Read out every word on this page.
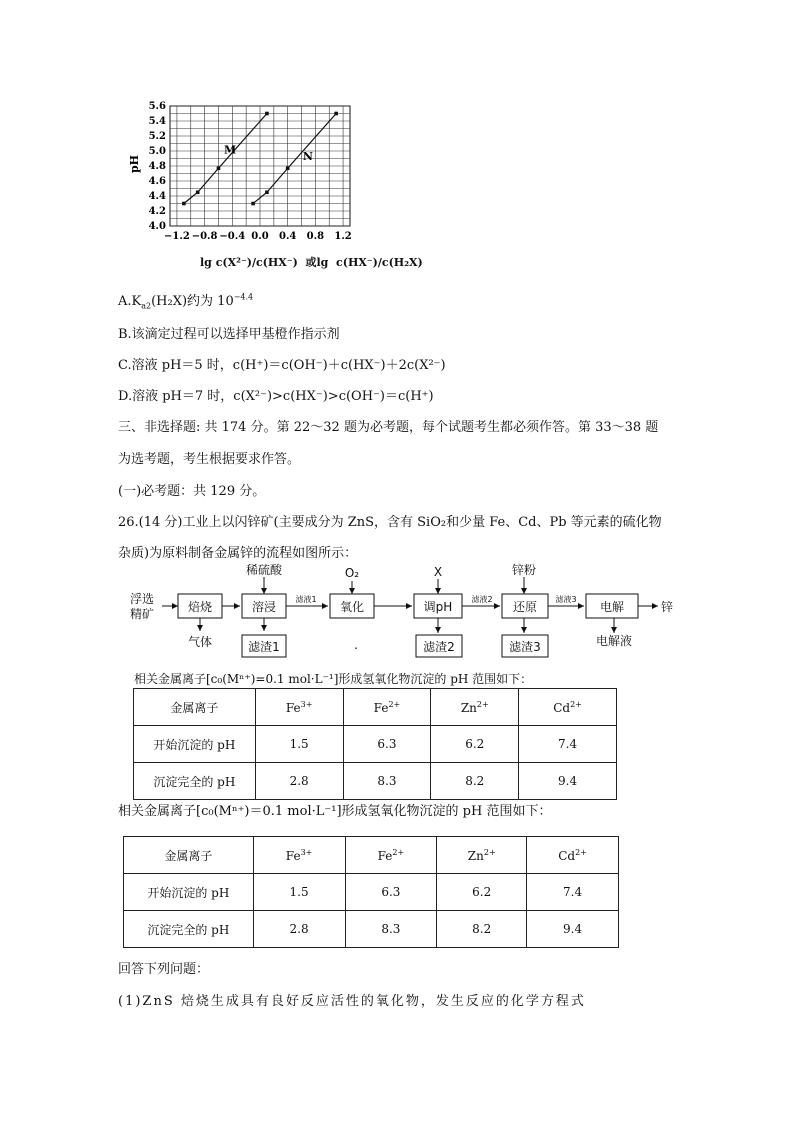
−1.2 −0.8 −0.4 0.0 0.4 0.8 1.2
4.0
4.2
4.4
4.6
4.8
5.0
5.2
5.4
5.6
M
N
pH
lg c(X²⁻)/c(HX⁻) 或lg c(HX⁻)/c(H₂X)
$A.K_{a2}(H_2X)$约为 $10^{-4.4}$
B.该滴定过程可以选择甲基橙作指示剂
C.溶液 pH＝5 时，c(H⁺)＝c(OH⁻)＋c(HX⁻)＋2c(X²⁻)
D.溶液 pH＝7 时，c(X²⁻)>c(HX⁻)>c(OH⁻)＝c(H⁺)
三、非选择题: 共 174 分。第 22～32 题为必考题，每个试题考生都必须作答。第 33～38 题
为选考题，考生根据要求作答。
(一)必考题：共 129 分。
26.(14 分)工业上以闪锌矿(主要成分为 ZnS，含有 SiO₂和少量 Fe、Cd、Pb 等元素的硫化物
杂质)为原料制备金属锌的流程如图所示：
浮选
精矿	焙烧	溶浸	氧化	调pH	还原	电解	锌
稀硫酸	O₂	X	锌粉
滤液1	滤液2	滤液3
气体	滤渣1	滤渣2	滤渣3	电解液
.
相关金属离子[c₀(Mⁿ⁺)=0.1 mol·L⁻¹]形成氢氧化物沉淀的 pH 范围如下：
金属离子	$Fe^{3+}$	$Fe^{2+}$	$Zn^{2+}$	$Cd^{2+}$
开始沉淀的 pH	1.5	6.3	6.2	7.4
沉淀完全的 pH	2.8	8.3	8.2	9.4
相关金属离子[c₀(Mⁿ⁺)＝0.1 mol·L⁻¹]形成氢氧化物沉淀的 pH 范围如下：
金属离子	$Fe^{3+}$	$Fe^{2+}$	$Zn^{2+}$	$Cd^{2+}$
开始沉淀的 pH	1.5	6.3	6.2	7.4
沉淀完全的 pH	2.8	8.3	8.2	9.4
回答下列问题：
(1)ZnS 焙烧生成具有良好反应活性的氧化物，发生反应的化学方程式
